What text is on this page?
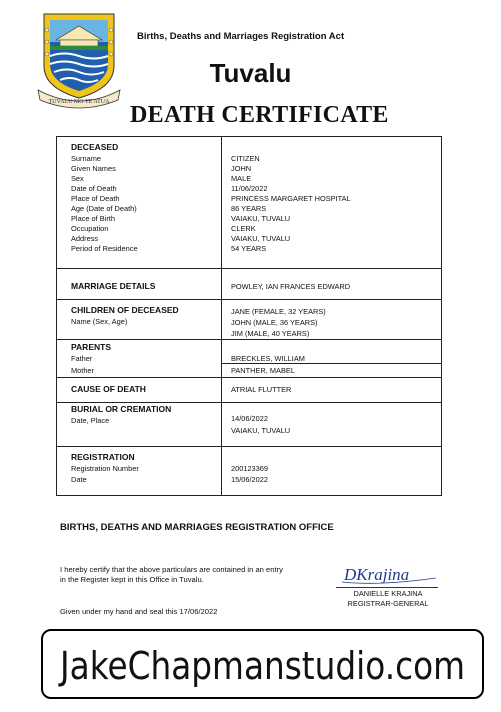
TUVALU MO TE ATUA
Births, Deaths and Marriages Registration Act
Tuvalu
DEATH CERTIFICATE
DECEASED
Surname	CITIZEN
Given Names	JOHN
Sex	MALE
Date of Death	11/06/2022
Place of Death	PRINCESS MARGARET HOSPITAL
Age (Date of Death)	86 YEARS
Place of Birth	VAIAKU, TUVALU
Occupation	CLERK
Address	VAIAKU, TUVALU
Period of Residence	54 YEARS
MARRIAGE DETAILS	POWLEY, IAN FRANCES EDWARD
CHILDREN OF DECEASED
Name (Sex, Age)
JANE (FEMALE, 32 YEARS)
JOHN (MALE, 36 YEARS)
JIM (MALE, 40 YEARS)
PARENTS
Father	BRECKLES, WILLIAM
Mother	PANTHER, MABEL
CAUSE OF DEATH	ATRIAL FLUTTER
BURIAL OR CREMATION
Date, Place	14/06/2022
VAIAKU, TUVALU
REGISTRATION
Registration Number	200123369
Date	15/06/2022
BIRTHS, DEATHS AND MARRIAGES REGISTRATION OFFICE
I hereby certify that the above particulars are contained in an entry
in the Register kept in this Office in Tuvalu.	DKrajina
DANIELLE KRAJINA
REGISTRAR-GENERAL
Given under my hand and seal this 17/06/2022
JakeChapmanstudio.com
